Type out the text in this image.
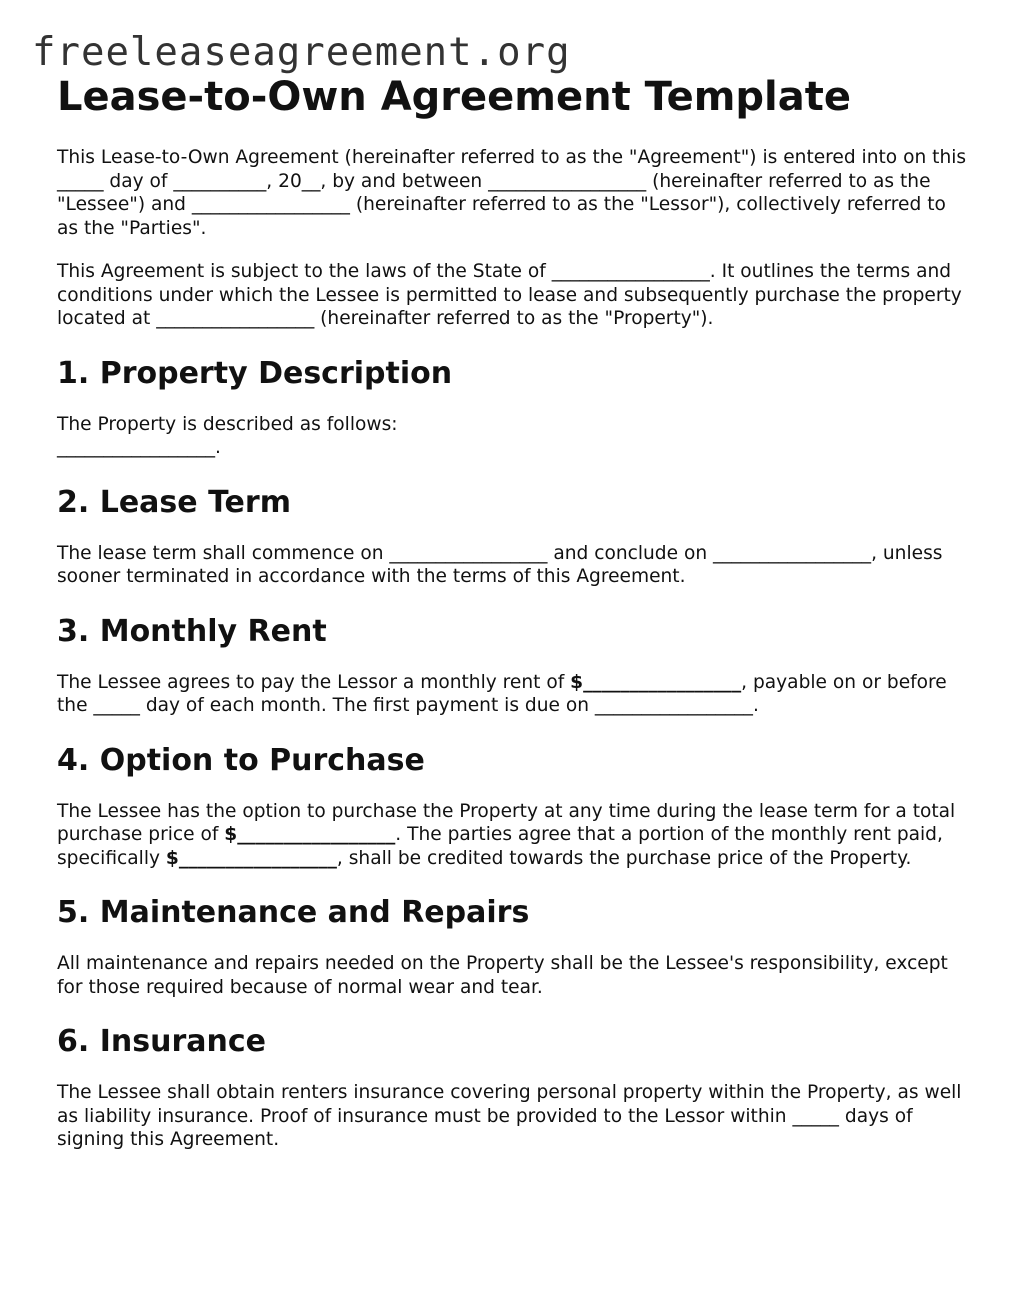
freeleaseagreement.org
Lease-to-Own Agreement Template

This Lease-to-Own Agreement (hereinafter referred to as the "Agreement") is entered into on this _____ day of __________, 20__, by and between _________________ (hereinafter referred to as the "Lessee") and _________________ (hereinafter referred to as the "Lessor"), collectively referred to as the "Parties".

This Agreement is subject to the laws of the State of _________________. It outlines the terms and conditions under which the Lessee is permitted to lease and subsequently purchase the property located at _________________ (hereinafter referred to as the "Property").

1. Property Description

The Property is described as follows:
_________________.

2. Lease Term

The lease term shall commence on _________________ and conclude on _________________, unless sooner terminated in accordance with the terms of this Agreement.

3. Monthly Rent

The Lessee agrees to pay the Lessor a monthly rent of $_________________, payable on or before the _____ day of each month. The first payment is due on _________________.

4. Option to Purchase

The Lessee has the option to purchase the Property at any time during the lease term for a total purchase price of $_________________. The parties agree that a portion of the monthly rent paid, specifically $_________________, shall be credited towards the purchase price of the Property.

5. Maintenance and Repairs

All maintenance and repairs needed on the Property shall be the Lessee's responsibility, except for those required because of normal wear and tear.

6. Insurance

The Lessee shall obtain renters insurance covering personal property within the Property, as well as liability insurance. Proof of insurance must be provided to the Lessor within _____ days of signing this Agreement.
